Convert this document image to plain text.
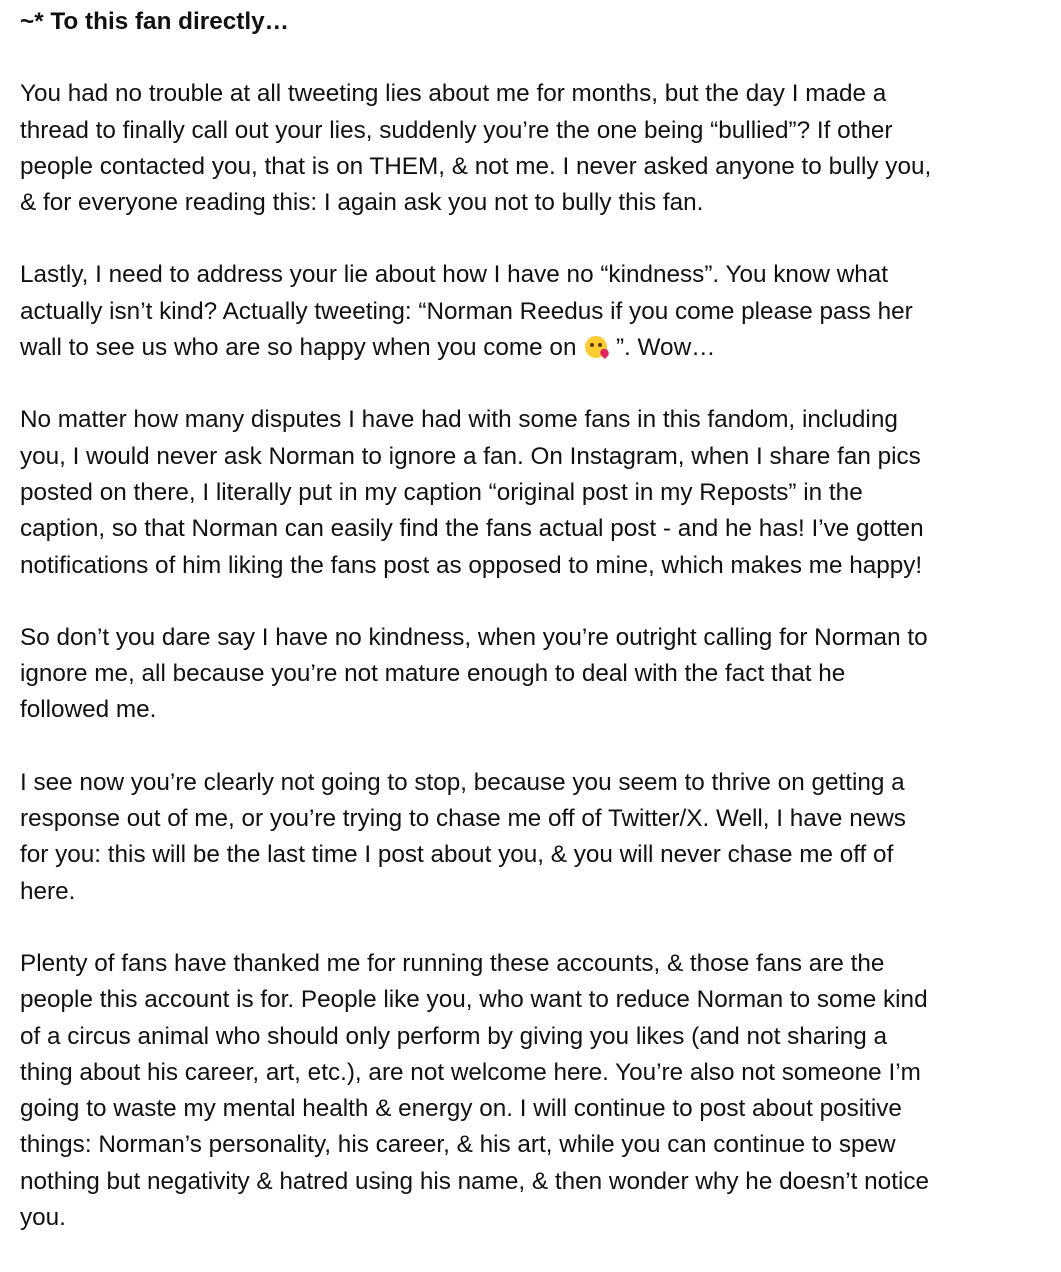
~* To this fan directly…
You had no trouble at all tweeting lies about me for months, but the day I made a
thread to finally call out your lies, suddenly you’re the one being “bullied”? If other
people contacted you, that is on THEM, & not me. I never asked anyone to bully you,
& for everyone reading this: I again ask you not to bully this fan.
Lastly, I need to address your lie about how I have no “kindness”. You know what
actually isn’t kind? Actually tweeting: “Norman Reedus if you come please pass her
wall to see us who are so happy when you come on  ”. Wow…
No matter how many disputes I have had with some fans in this fandom, including
you, I would never ask Norman to ignore a fan. On Instagram, when I share fan pics
posted on there, I literally put in my caption “original post in my Reposts” in the
caption, so that Norman can easily find the fans actual post - and he has! I’ve gotten
notifications of him liking the fans post as opposed to mine, which makes me happy!
So don’t you dare say I have no kindness, when you’re outright calling for Norman to
ignore me, all because you’re not mature enough to deal with the fact that he
followed me.
I see now you’re clearly not going to stop, because you seem to thrive on getting a
response out of me, or you’re trying to chase me off of Twitter/X. Well, I have news
for you: this will be the last time I post about you, & you will never chase me off of
here.
Plenty of fans have thanked me for running these accounts, & those fans are the
people this account is for. People like you, who want to reduce Norman to some kind
of a circus animal who should only perform by giving you likes (and not sharing a
thing about his career, art, etc.), are not welcome here. You’re also not someone I’m
going to waste my mental health & energy on. I will continue to post about positive
things: Norman’s personality, his career, & his art, while you can continue to spew
nothing but negativity & hatred using his name, & then wonder why he doesn’t notice
you.
